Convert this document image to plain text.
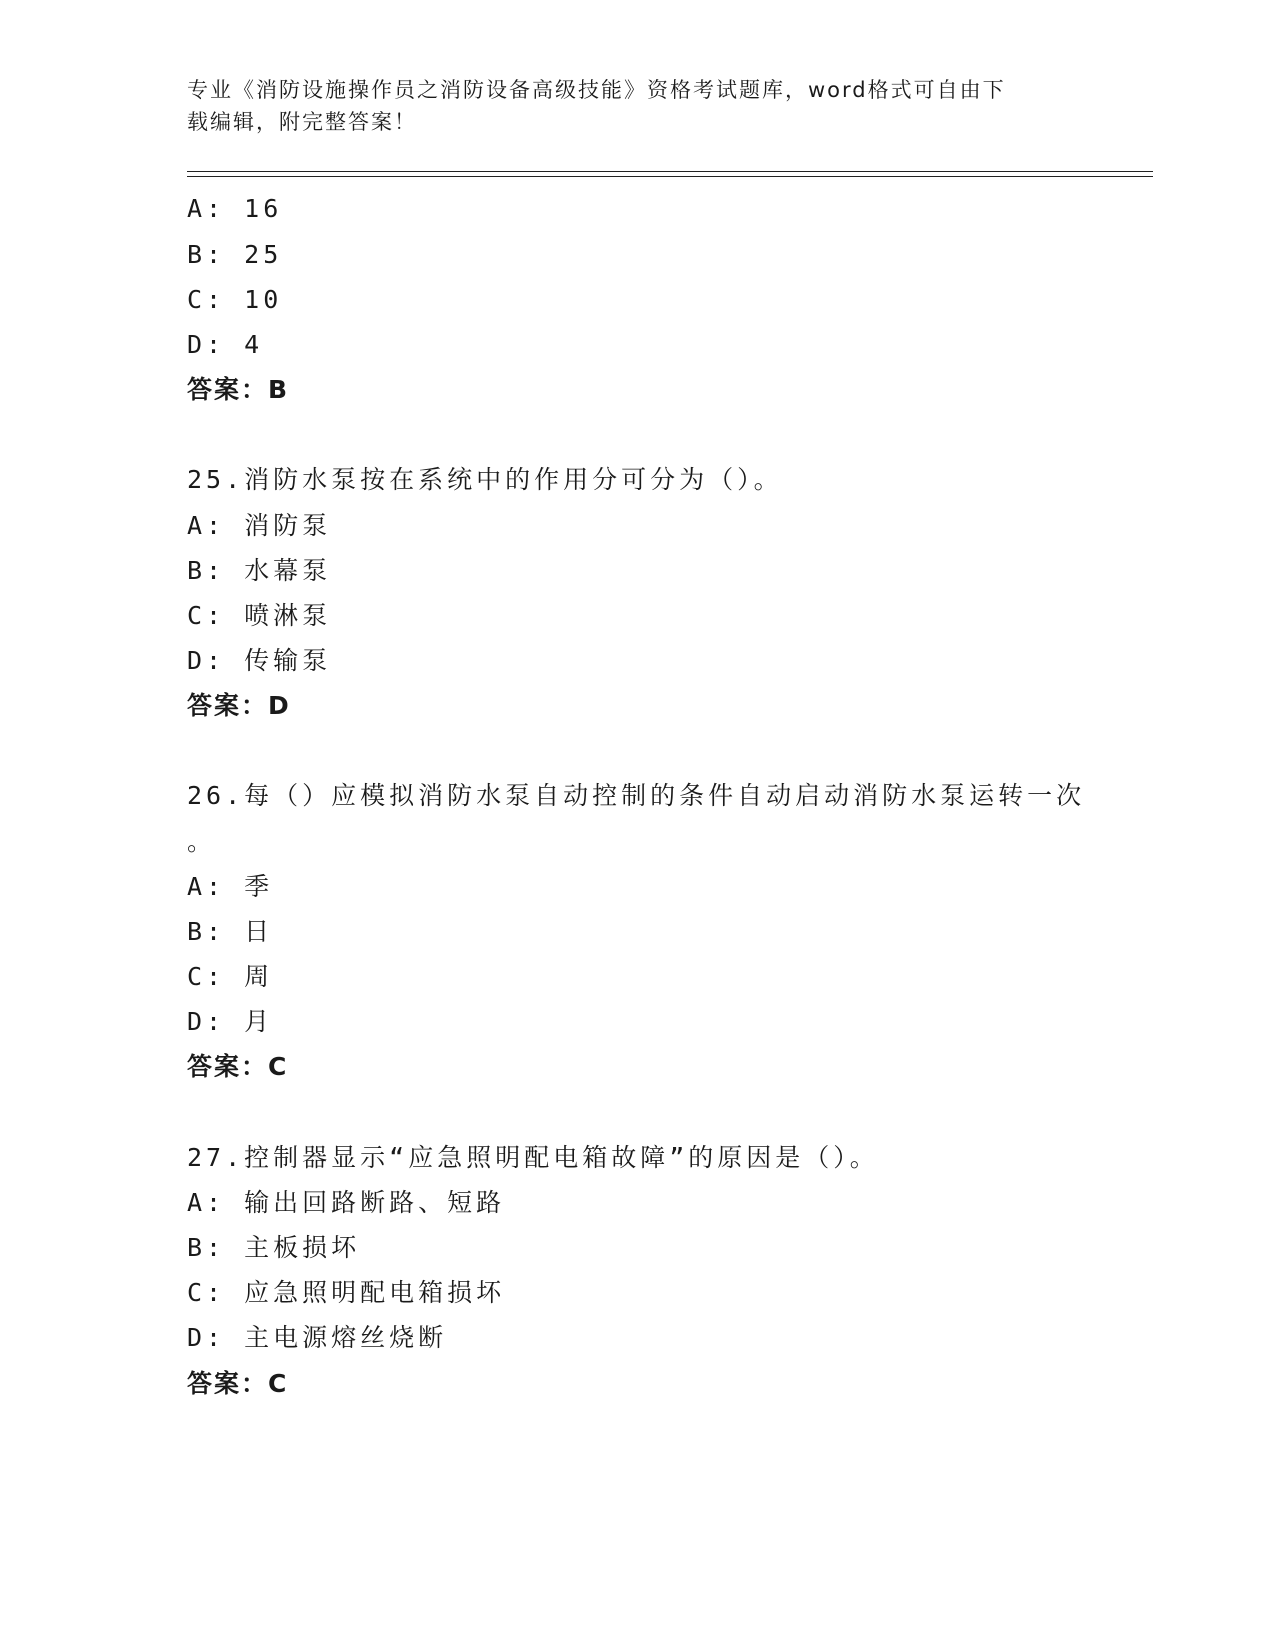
专业《消防设施操作员之消防设备高级技能》资格考试题库，word格式可自由下
载编辑，附完整答案！
A: 16
B: 25
C: 10
D: 4
答案：B
25.消防水泵按在系统中的作用分可分为（）。
A: 消防泵
B: 水幕泵
C: 喷淋泵
D: 传输泵
答案：D
26.每（）应模拟消防水泵自动控制的条件自动启动消防水泵运转一次
。
A: 季
B: 日
C: 周
D: 月
答案：C
27.控制器显示“应急照明配电箱故障”的原因是（）。
A: 输出回路断路、短路
B: 主板损坏
C: 应急照明配电箱损坏
D: 主电源熔丝烧断
答案：C
